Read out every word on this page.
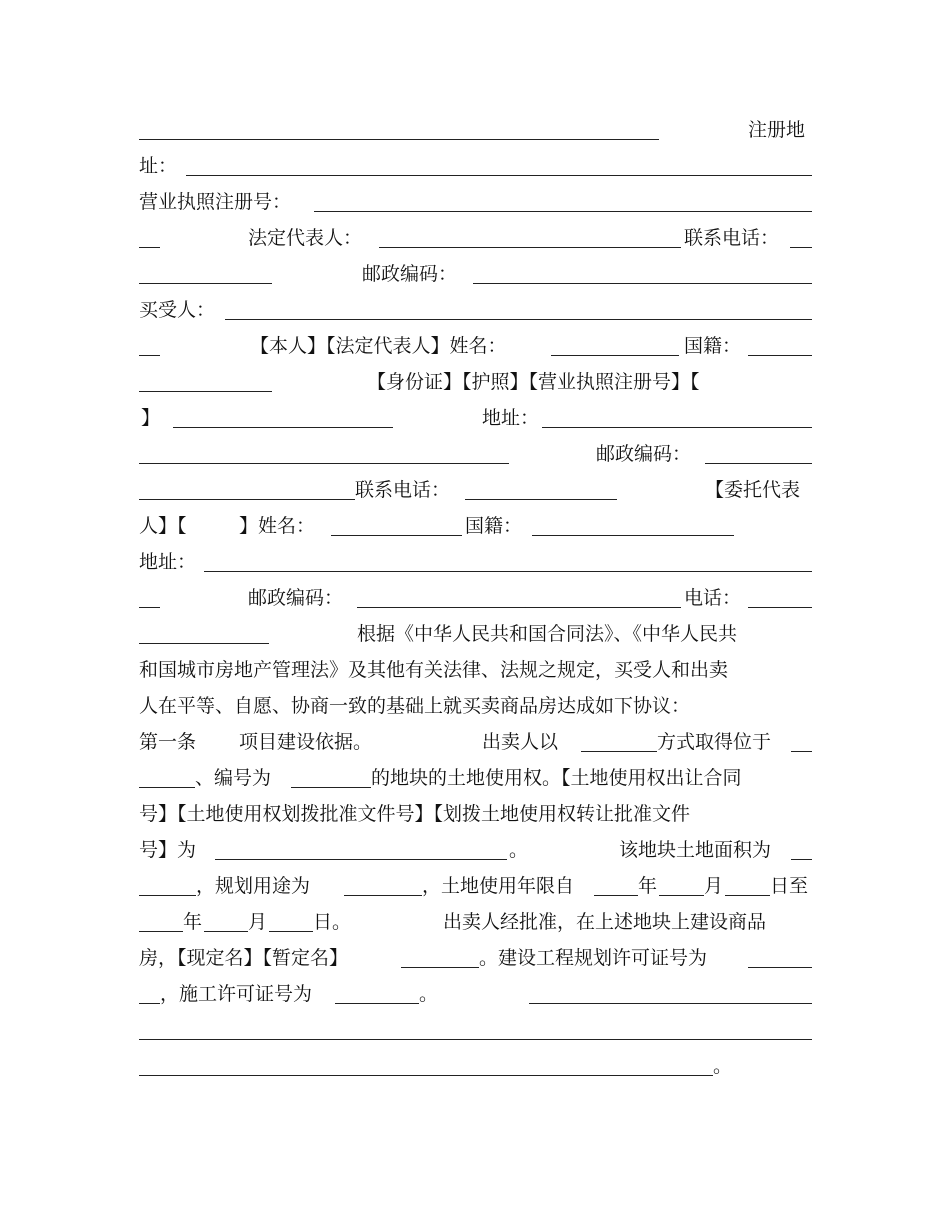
注册地

址：

营业执照注册号：

法定代表人：

	联系电话：

邮政编码：

买受人：

【本人】【法定代表人】姓名：

	国籍：

【身份证】【护照】【营业执照注册号】【

】

	地址：

邮政编码：

联系电话：

	【委托代表

人】【

	】姓名：

	国籍：

地址：

邮政编码：

	电话：

根据《中华人民共和国合同法》、《中华人民共

和国城市房地产管理法》及其他有关法律、法规之规定，买受人和出卖

人在平等、自愿、协商一致的基础上就买卖商品房达成如下协议：

第一条

项目建设依据。

	出卖人以

	方式取得位于

、编号为

	的地块的土地使用权。【土地使用权出让合同

号】【土地使用权划拨批准文件号】【划拨土地使用权转让批准文件

号】为

	。

	该地块土地面积为

，规划用途为

	，土地使用年限自

	年

月

日至

年

月

日。

	出卖人经批准，在上述地块上建设商品

房，【现定名】【暂定名】

	。建设工程规划许可证号为

，施工许可证号为

	。

。
